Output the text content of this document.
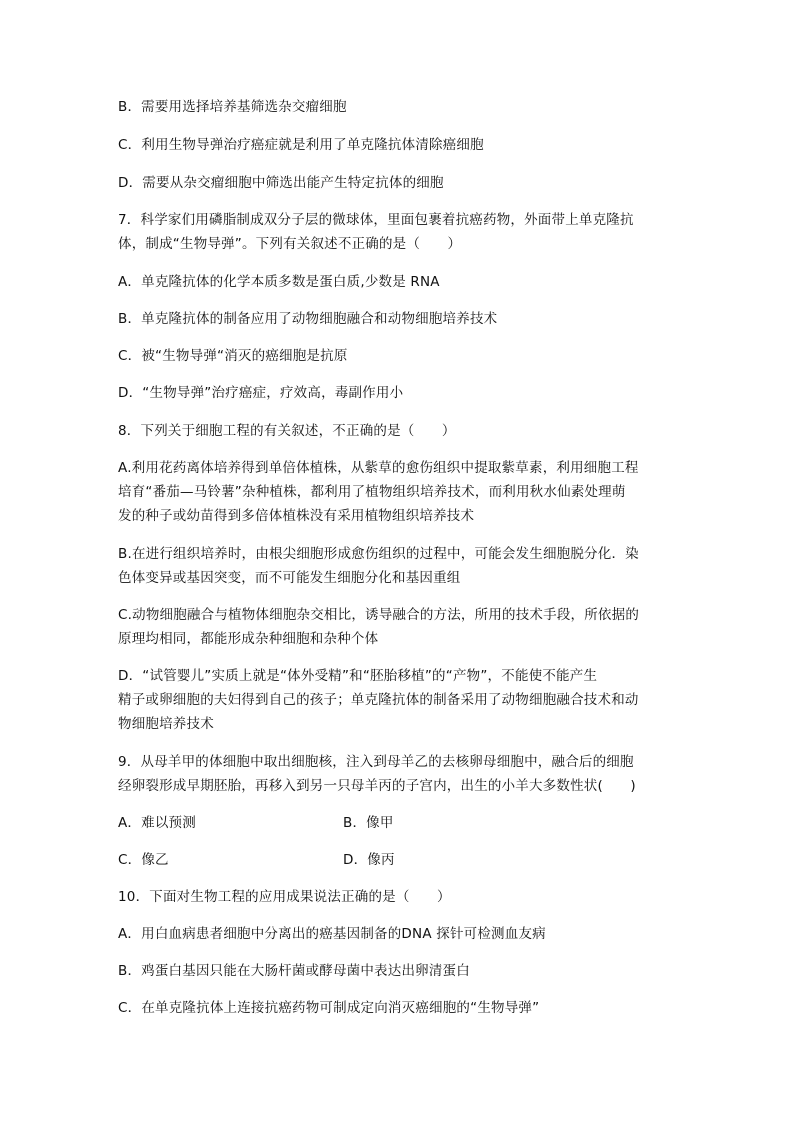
B．需要用选择培养基筛选杂交瘤细胞
C．利用生物导弹治疗癌症就是利用了单克隆抗体清除癌细胞
D．需要从杂交瘤细胞中筛选出能产生特定抗体的细胞
7．科学家们用磷脂制成双分子层的微球体，里面包裹着抗癌药物，外面带上单克隆抗
体，制成“生物导弹”。下列有关叙述不正确的是（　　）
A．单克隆抗体的化学本质多数是蛋白质,少数是 RNA
B．单克隆抗体的制备应用了动物细胞融合和动物细胞培养技术
C．被“生物导弹“消灭的癌细胞是抗原
D．“生物导弹”治疗癌症，疗效高，毒副作用小
8．下列关于细胞工程的有关叙述，不正确的是（　　）
A.利用花药离体培养得到单倍体植株，从紫草的愈伤组织中提取紫草素，利用细胞工程
培育“番茄—马铃薯”杂种植株，都利用了植物组织培养技术，而利用秋水仙素处理萌
发的种子或幼苗得到多倍体植株没有采用植物组织培养技术
B.在进行组织培养时，由根尖细胞形成愈伤组织的过程中，可能会发生细胞脱分化．染
色体变异或基因突变，而不可能发生细胞分化和基因重组
C.动物细胞融合与植物体细胞杂交相比，诱导融合的方法，所用的技术手段，所依据的
原理均相同，都能形成杂种细胞和杂种个体
D．“试管婴儿”实质上就是“体外受精”和“胚胎移植”的“产物”，不能使不能产生
精子或卵细胞的夫妇得到自己的孩子；单克隆抗体的制备采用了动物细胞融合技术和动
物细胞培养技术
9．从母羊甲的体细胞中取出细胞核，注入到母羊乙的去核卵母细胞中，融合后的细胞
经卵裂形成早期胚胎，再移入到另一只母羊丙的子宫内，出生的小羊大多数性状(　　)
A．难以预测	B．像甲
C．像乙	D．像丙
10．下面对生物工程的应用成果说法正确的是（　　）
A．用白血病患者细胞中分离出的癌基因制备的DNA 探针可检测血友病
B．鸡蛋白基因只能在大肠杆菌或酵母菌中表达出卵清蛋白
C．在单克隆抗体上连接抗癌药物可制成定向消灭癌细胞的“生物导弹”
